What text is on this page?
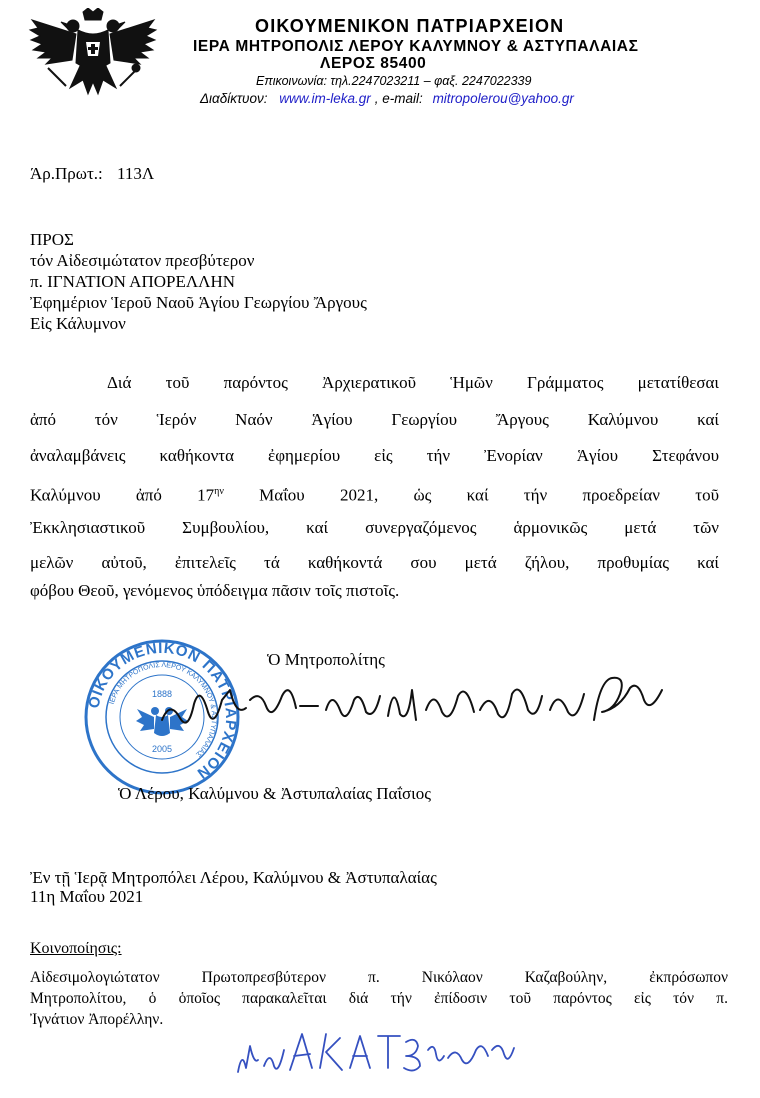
ΟΙΚΟΥΜΕΝΙΚΟΝ ΠΑΤΡΙΑΡΧΕΙΟΝ
ΙΕΡΑ ΜΗΤΡΟΠΟΛΙΣ ΛΕΡΟΥ ΚΑΛΥΜΝΟΥ & ΑΣΤΥΠΑΛΑΙΑΣ
ΛΕΡΟΣ 85400
Επικοινωνία: τηλ.2247023211 – φαξ. 2247022339
Διαδίκτυον: www.im-leka.gr , e-mail: mitropolerou@yahoo.gr
Άρ.Πρωτ.: 113Λ
ΠΡΟΣ
τόν Αἰδεσιμώτατον πρεσβύτερον
π. ΙΓΝΑΤΙΟΝ ΑΠΟΡΕΛΛΗΝ
Ἐφημέριον Ἱεροῦ Ναοῦ Ἁγίου Γεωργίου Ἄργους
Εἰς Κάλυμνον
Διά τοῦ παρόντος Ἀρχιερατικοῦ Ἡμῶν Γράμματος μετατίθεσαι
ἀπό τόν Ἱερόν Ναόν Ἁγίου Γεωργίου Ἄργους Καλύμνου καί
ἀναλαμβάνεις καθήκοντα ἐφημερίου εἰς τήν Ἐνορίαν Ἁγίου Στεφάνου
Καλύμνου ἀπό $17^{\eta\nu}$ Μαΐου 2021, ὡς καί τήν προεδρείαν τοῦ
Ἐκκλησιαστικοῦ Συμβουλίου, καί συνεργαζόμενος ἁρμονικῶς μετά τῶν
μελῶν αὐτοῦ, ἐπιτελεῖς τά καθήκοντά σου μετά ζήλου, προθυμίας καί
φόβου Θεοῦ, γενόμενος ὑπόδειγμα πᾶσιν τοῖς πιστοῖς.
Ὁ Μητροπολίτης
ΟΙΚΟΥΜΕΝΙΚΟΝ ΠΑΤΡΙΑΡΧΕΙΟΝ
ΙΕΡΑ ΜΗΤΡΟΠΟΛΙΣ ΛΕΡΟΥ ΚΑΛΥΜΝΟΥ & ΑΣΤΥΠΑΛΑΙΑΣ
1888
2005
Ὁ Λέρου, Καλύμνου & Ἀστυπαλαίας Παΐσιος
Ἐν τῇ Ἱερᾷ Μητροπόλει Λέρου, Καλύμνου & Ἀστυπαλαίας
11η Μαΐου 2021
Κοινοποίησις:
Αἰδεσιμολογιώτατον Πρωτοπρεσβύτερον π. Νικόλαον Καζαβούλην, ἐκπρόσωπον
Μητροπολίτου, ὁ ὁποῖος παρακαλεῖται διά τήν ἐπίδοσιν τοῦ παρόντος εἰς τόν π.
Ἰγνάτιον Ἀπορέλλην.
